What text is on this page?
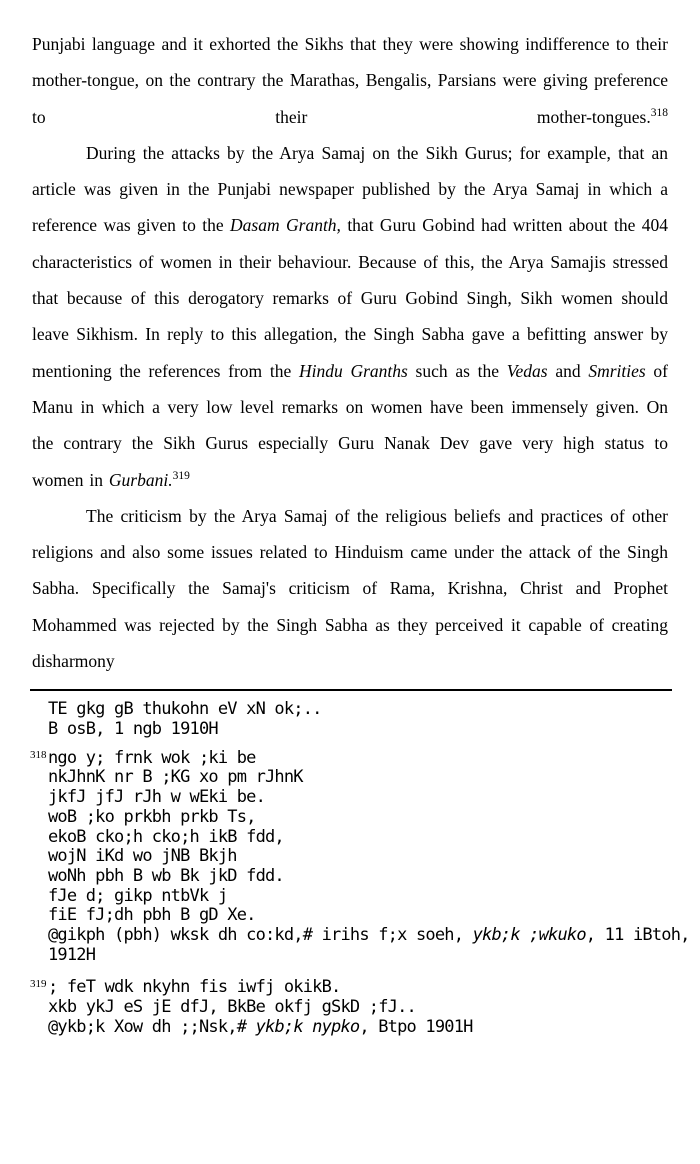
Punjabi language and it exhorted the Sikhs that they were showing indifference to their mother-tongue, on the contrary the Marathas, Bengalis, Parsians were giving preference to their mother-tongues.$^{318}$

During the attacks by the Arya Samaj on the Sikh Gurus; for example, that an article was given in the Punjabi newspaper published by the Arya Samaj in which a reference was given to the Dasam Granth, that Guru Gobind had written about the 404 characteristics of women in their behaviour. Because of this, the Arya Samajis stressed that because of this derogatory remarks of Guru Gobind Singh, Sikh women should leave Sikhism. In reply to this allegation, the Singh Sabha gave a befitting answer by mentioning the references from the Hindu Granths such as the Vedas and Smrities of Manu in which a very low level remarks on women have been immensely given. On the contrary the Sikh Gurus especially Guru Nanak Dev gave very high status to women in Gurbani.$^{319}$

The criticism by the Arya Samaj of the religious beliefs and practices of other religions and also some issues related to Hinduism came under the attack of the Singh Sabha. Specifically the Samaj's criticism of Rama, Krishna, Christ and Prophet Mohammed was rejected by the Singh Sabha as they perceived it capable of creating disharmony

TE gkg gB thukohn eV xN ok;..
B osB, 1 ngb 1910H
318 ngo y; frnk wok ;ki be
nkJhnK nr B ;KG xo pm rJhnK
jkfJ jfJ rJh w wEki be.
woB ;ko prkbh prkb Ts,
ekoB cko;h cko;h ikB fdd,
wojN iKd wo jNB Bkjh
woNh pbh B wb Bk jkD fdd.
fJe d; gikp ntbVk j
fiE fJ;dh pbh B gD Xe.
@gikph (pbh) wksk dh co:kd,# irihs f;x soeh, ykb;k ;wkuko, 11 iBtoh,
1912H
319 ; feT wdk nkyhn fis iwfj okikB.
xkb ykJ eS jE dfJ, BkBe okfj gSkD ;fJ..
@ykb;k Xow dh ;;Nsk,# ykb;k nypko, Btpo 1901H
